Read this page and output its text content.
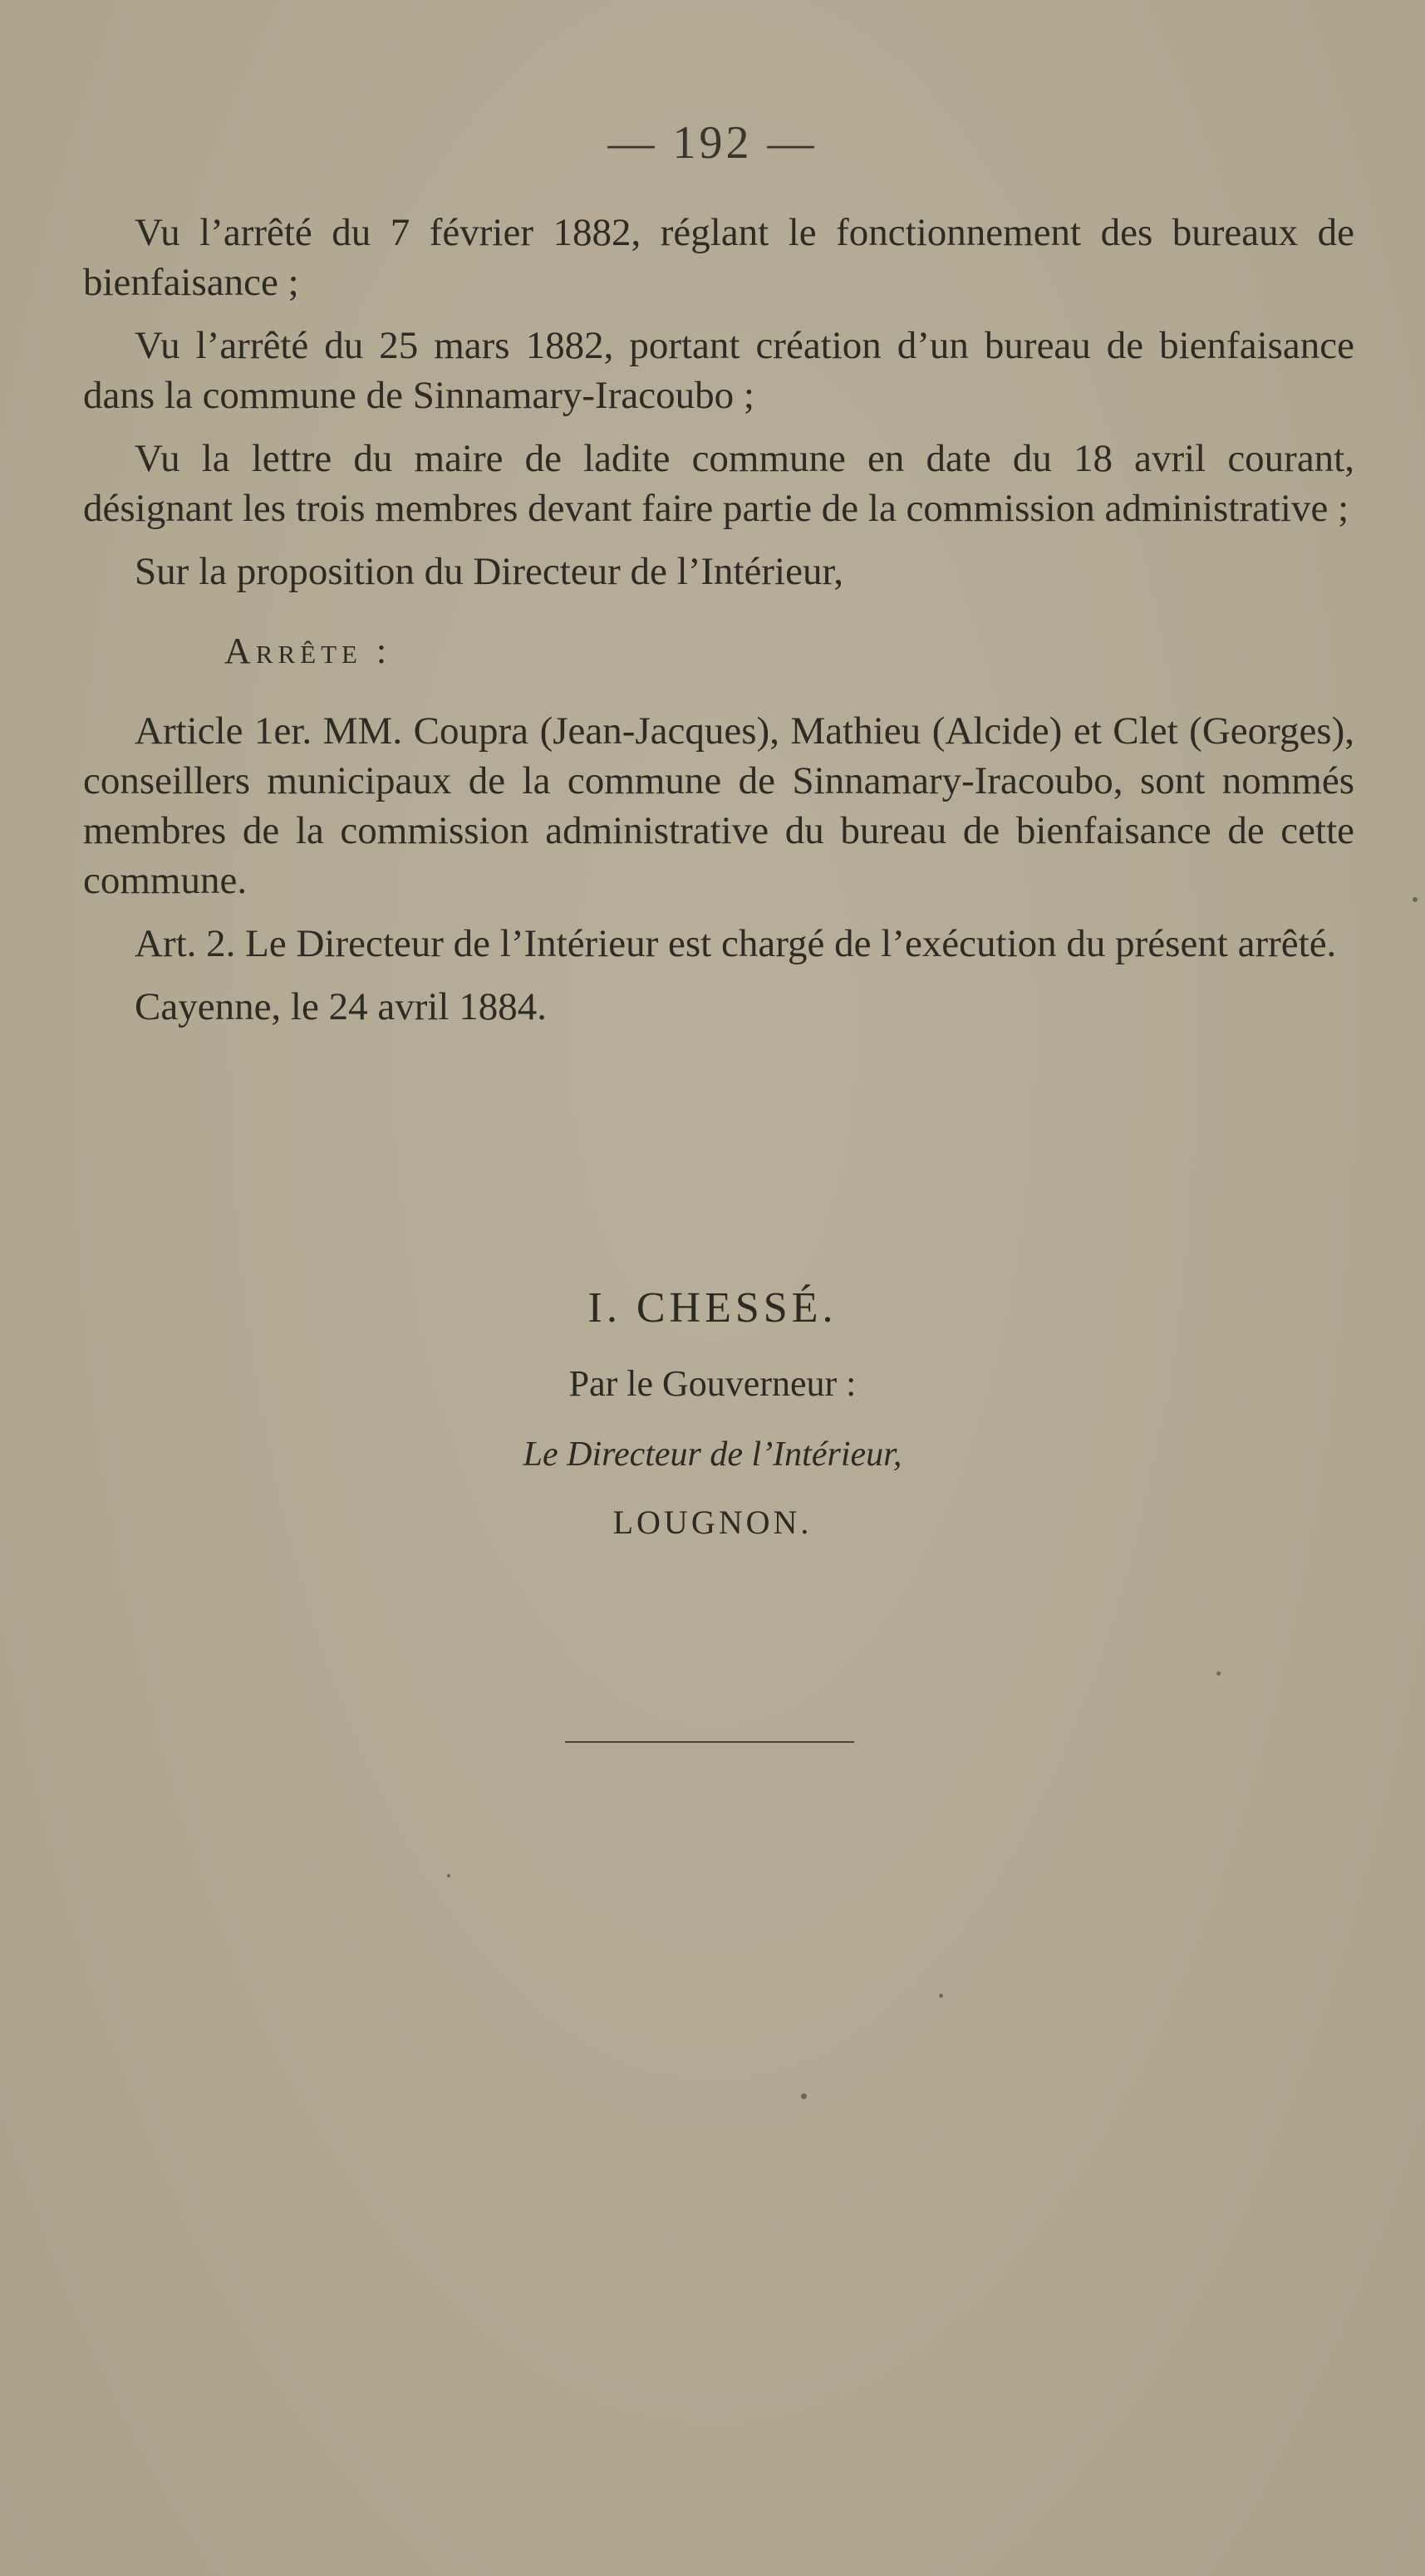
— 192 —

Vu l’arrêté du 7 février 1882, réglant le fonctionnement des bureaux de bienfaisance ;

Vu l’arrêté du 25 mars 1882, portant création d’un bureau de bienfaisance dans la commune de Sinnamary-Iracoubo ;

Vu la lettre du maire de ladite commune en date du 18 avril courant, désignant les trois membres devant faire partie de la commission administrative ;

Sur la proposition du Directeur de l’Intérieur,

Arrête :

Article 1er. MM. Coupra (Jean-Jacques), Mathieu (Alcide) et Clet (Georges), conseillers municipaux de la commune de Sinnamary-Iracoubo, sont nommés membres de la commission administrative du bureau de bienfaisance de cette commune.

Art. 2. Le Directeur de l’Intérieur est chargé de l’exécution du présent arrêté.

Cayenne, le 24 avril 1884.

I. CHESSÉ.

Par le Gouverneur :

Le Directeur de l’Intérieur,

LOUGNON.
